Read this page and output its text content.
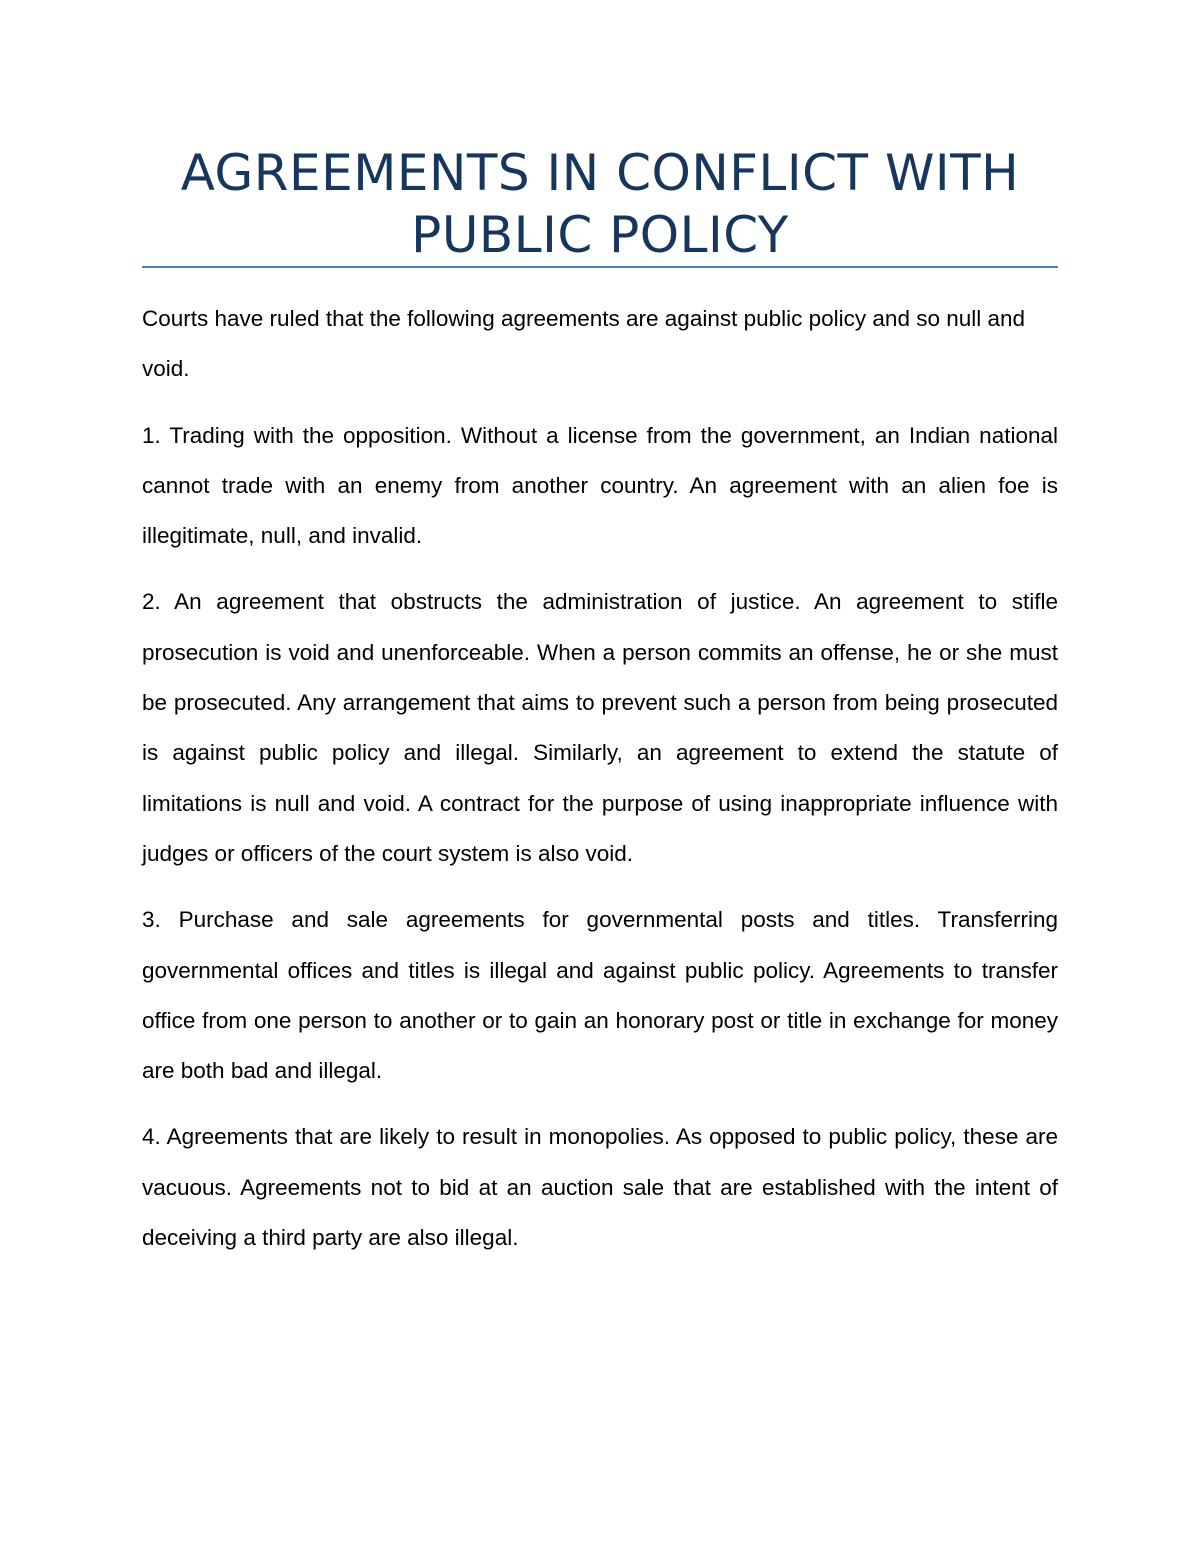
AGREEMENTS IN CONFLICT WITH PUBLIC POLICY

Courts have ruled that the following agreements are against public policy and so null and void.

1. Trading with the opposition. Without a license from the government, an Indian national cannot trade with an enemy from another country. An agreement with an alien foe is illegitimate, null, and invalid.

2. An agreement that obstructs the administration of justice. An agreement to stifle prosecution is void and unenforceable. When a person commits an offense, he or she must be prosecuted. Any arrangement that aims to prevent such a person from being prosecuted is against public policy and illegal. Similarly, an agreement to extend the statute of limitations is null and void. A contract for the purpose of using inappropriate influence with judges or officers of the court system is also void.

3. Purchase and sale agreements for governmental posts and titles. Transferring governmental offices and titles is illegal and against public policy. Agreements to transfer office from one person to another or to gain an honorary post or title in exchange for money are both bad and illegal.

4. Agreements that are likely to result in monopolies. As opposed to public policy, these are vacuous. Agreements not to bid at an auction sale that are established with the intent of deceiving a third party are also illegal.
